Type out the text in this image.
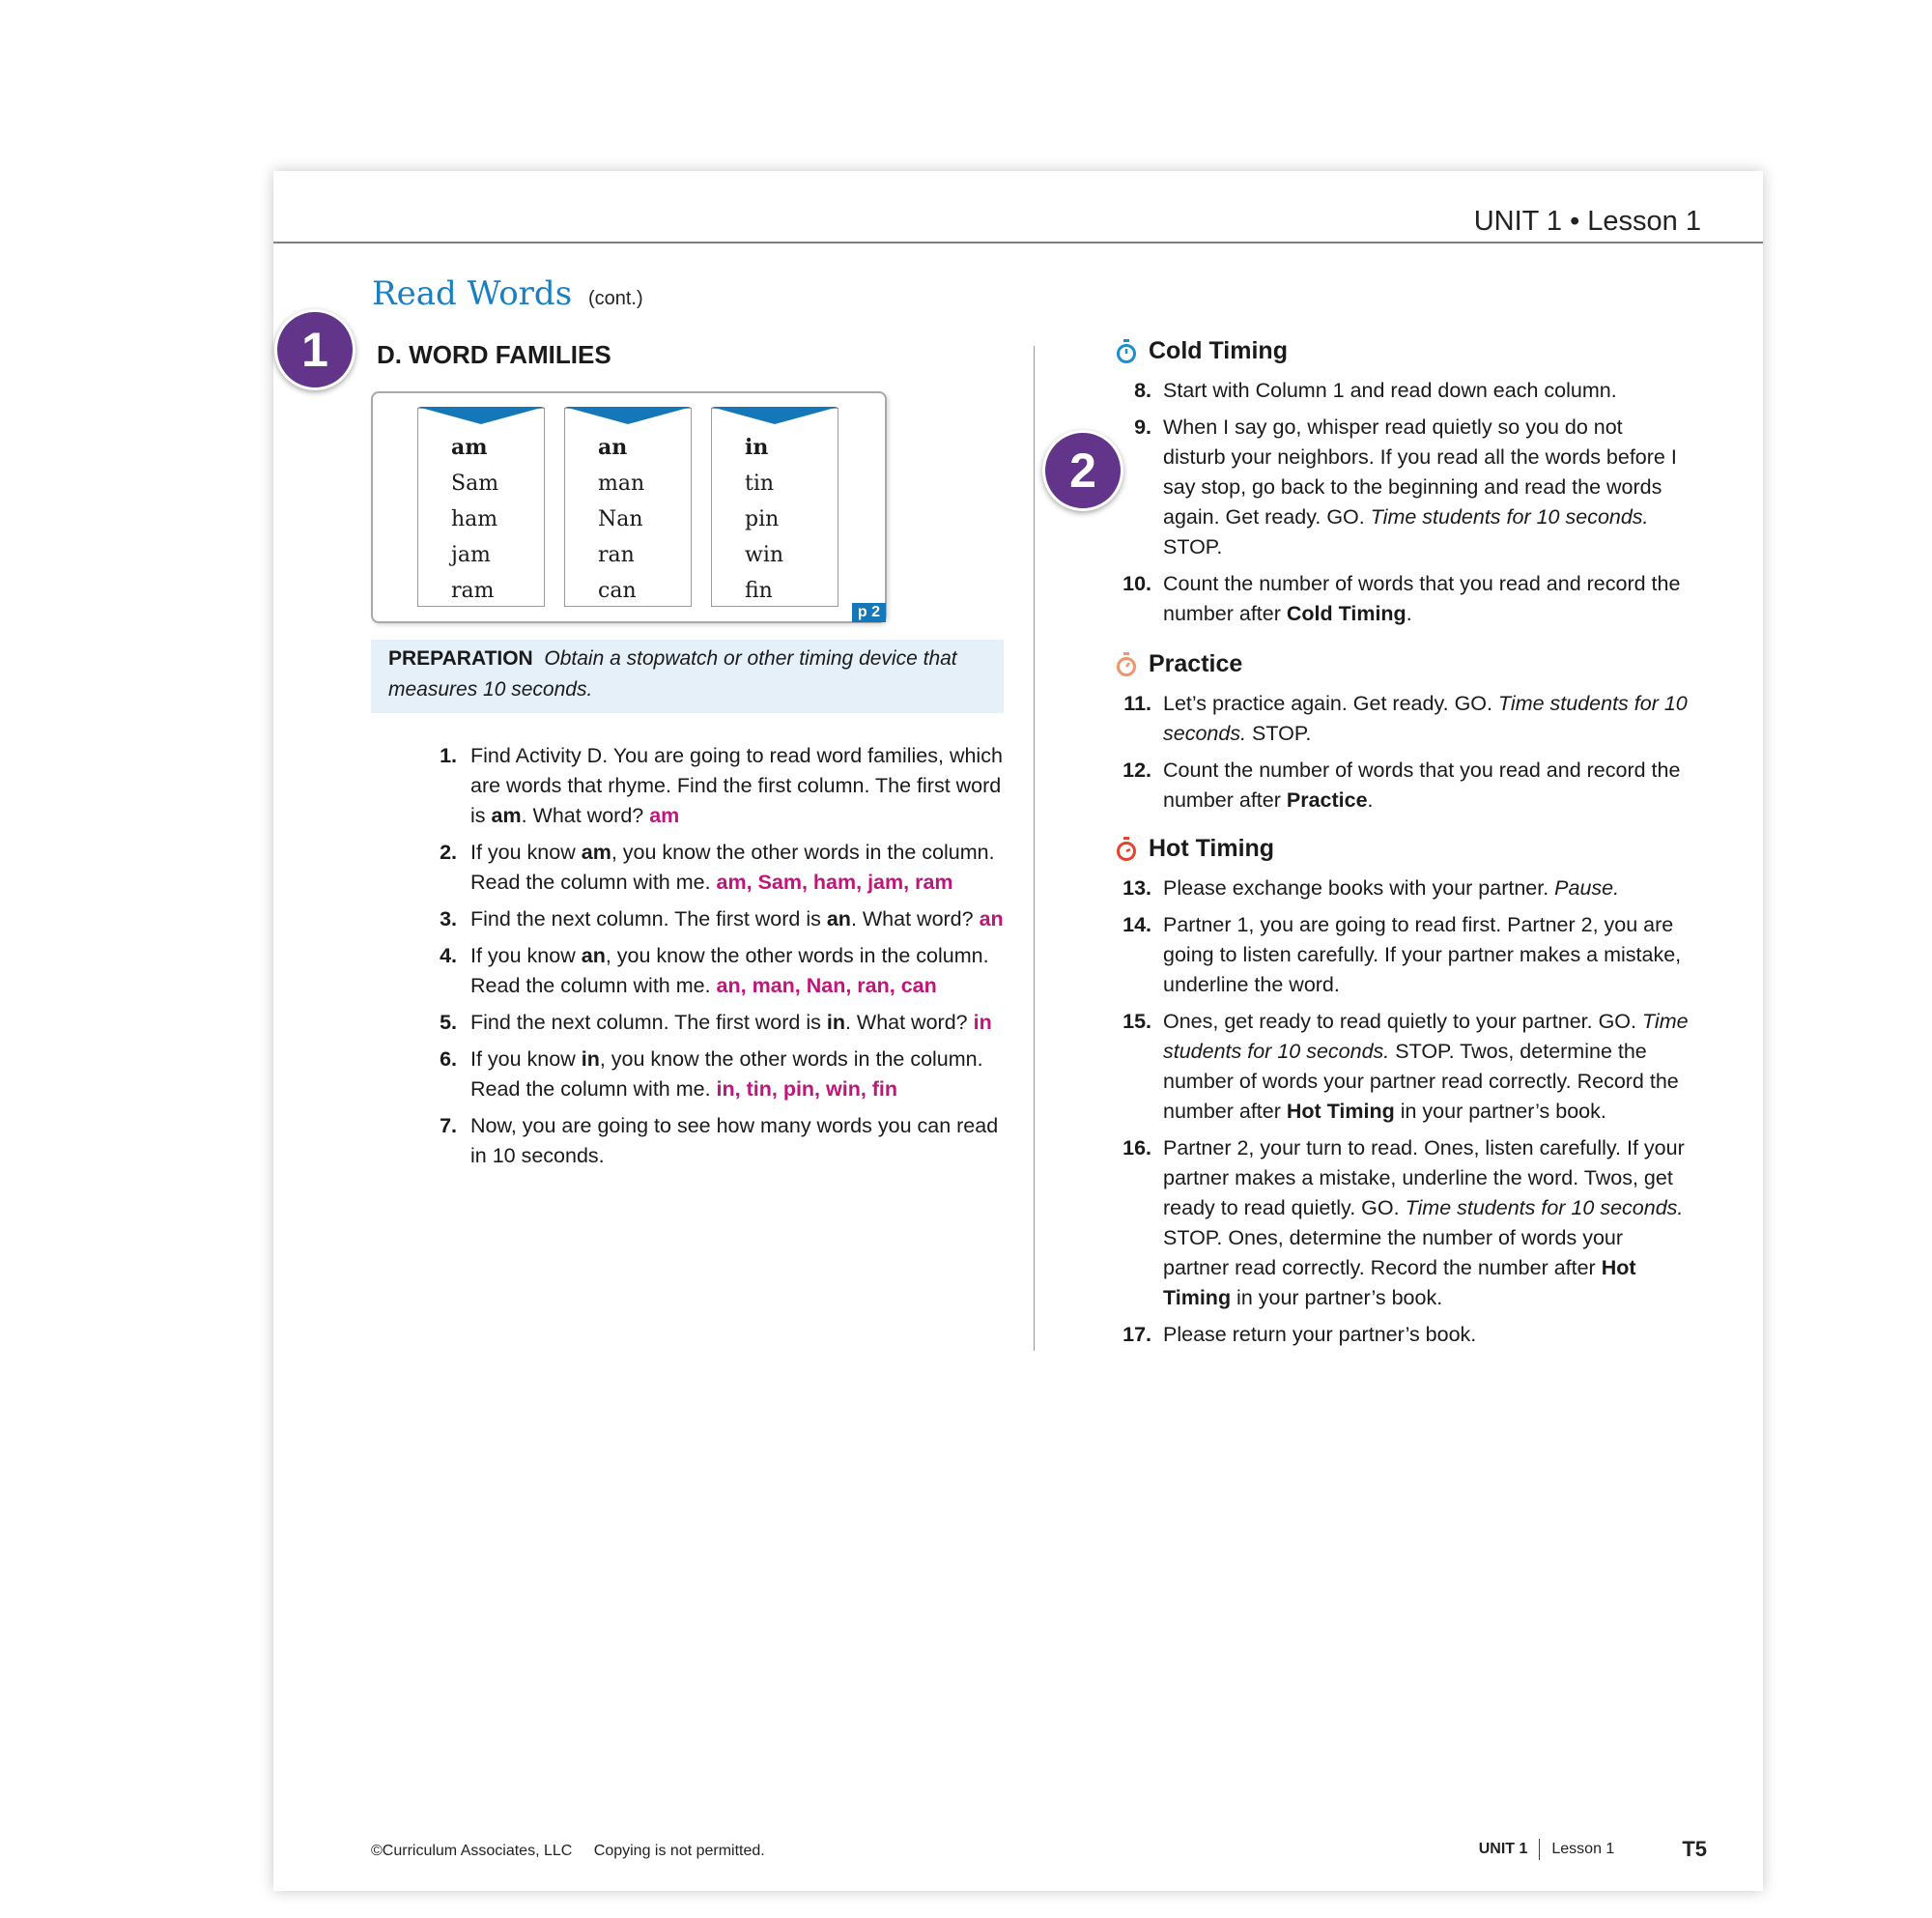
UNIT 1 • Lesson 1
Read Words (cont.)
1
2
D. WORD FAMILIES
am
Sam
ham
jam
ram
an
man
Nan
ran
can
in
tin
pin
win
fin
p 2
PREPARATION Obtain a stopwatch or other timing device that measures 10 seconds.
1. Find Activity D. You are going to read word families, which are words that rhyme. Find the first column. The first word is am. What word? am
2. If you know am, you know the other words in the column. Read the column with me. am, Sam, ham, jam, ram
3. Find the next column. The first word is an. What word? an
4. If you know an, you know the other words in the column. Read the column with me. an, man, Nan, ran, can
5. Find the next column. The first word is in. What word? in
6. If you know in, you know the other words in the column. Read the column with me. in, tin, pin, win, fin
7. Now, you are going to see how many words you can read in 10 seconds.
Cold Timing
8. Start with Column 1 and read down each column.
9. When I say go, whisper read quietly so you do not disturb your neighbors. If you read all the words before I say stop, go back to the beginning and read the words again. Get ready. GO. Time students for 10 seconds. STOP.
10. Count the number of words that you read and record the number after Cold Timing.
Practice
11. Let’s practice again. Get ready. GO. Time students for 10 seconds. STOP.
12. Count the number of words that you read and record the number after Practice.
Hot Timing
13. Please exchange books with your partner. Pause.
14. Partner 1, you are going to read first. Partner 2, you are going to listen carefully. If your partner makes a mistake, underline the word.
15. Ones, get ready to read quietly to your partner. GO. Time students for 10 seconds. STOP. Twos, determine the number of words your partner read correctly. Record the number after Hot Timing in your partner’s book.
16. Partner 2, your turn to read. Ones, listen carefully. If your partner makes a mistake, underline the word. Twos, get ready to read quietly. GO. Time students for 10 seconds. STOP. Ones, determine the number of words your partner read correctly. Record the number after Hot Timing in your partner’s book.
17. Please return your partner’s book.
©Curriculum Associates, LLC Copying is not permitted.	UNIT 1 Lesson 1	T5
